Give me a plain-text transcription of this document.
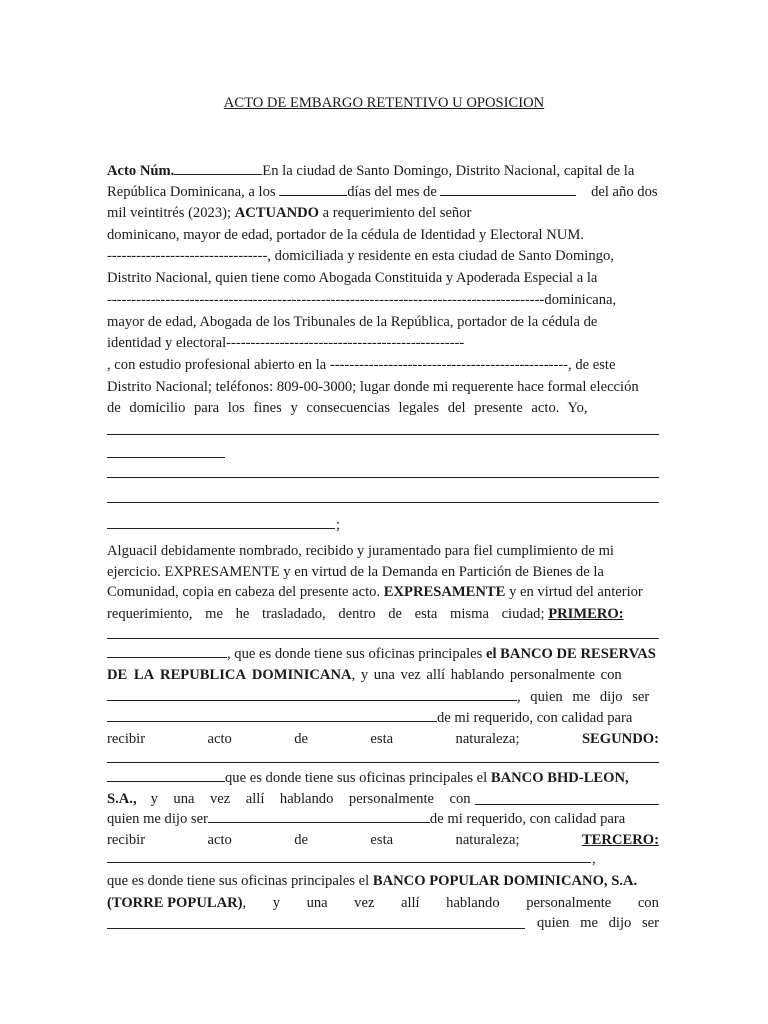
ACTO DE EMBARGO RETENTIVO U OPOSICION
Acto Núm.	En la ciudad de Santo Domingo, Distrito Nacional, capital de la
República Dominicana, a los	días del mes de	del año dos
mil veintitrés (2023); ACTUANDO a requerimiento del señor
dominicano, mayor de edad, portador de la cédula de Identidad y Electoral NUM.
---------------------------------, domiciliada y residente en esta ciudad de Santo Domingo,
Distrito Nacional, quien tiene como Abogada Constituida y Apoderada Especial a la
------------------------------------------------------------------------------------------dominicana,
mayor de edad, Abogada de los Tribunales de la República, portador de la cédula de
identidad y electoral-------------------------------------------------
, con estudio profesional abierto en la -------------------------------------------------, de este
Distrito Nacional; teléfonos: 809-00-3000; lugar donde mi requerente hace formal elección
de domicilio para los fines y consecuencias legales del presente acto. Yo,
;
Alguacil debidamente nombrado, recibido y juramentado para fiel cumplimiento de mi
ejercicio. EXPRESAMENTE y en virtud de la Demanda en Partición de Bienes de la
Comunidad, copia en cabeza del presente acto. EXPRESAMENTE y en virtud del anterior
requerimiento, me he trasladado, dentro de esta misma ciudad; PRIMERO:
, que es donde tiene sus oficinas principales el BANCO DE RESERVAS
DE LA REPUBLICA DOMINICANA, y una vez allí hablando personalmente con
, quien me dijo ser
de mi requerido, con calidad para
recibir	acto	de	esta	naturaleza;	SEGUNDO:
que es donde tiene sus oficinas principales el BANCO BHD-LEON,
S.A., y una vez allí hablando personalmente con
quien me dijo ser	de mi requerido, con calidad para
recibir	acto	de	esta	naturaleza;	TERCERO:
,
que es donde tiene sus oficinas principales el BANCO POPULAR DOMINICANO, S.A.
(TORRE POPULAR) , y una vez allí hablando personalmente con
quien me dijo ser
